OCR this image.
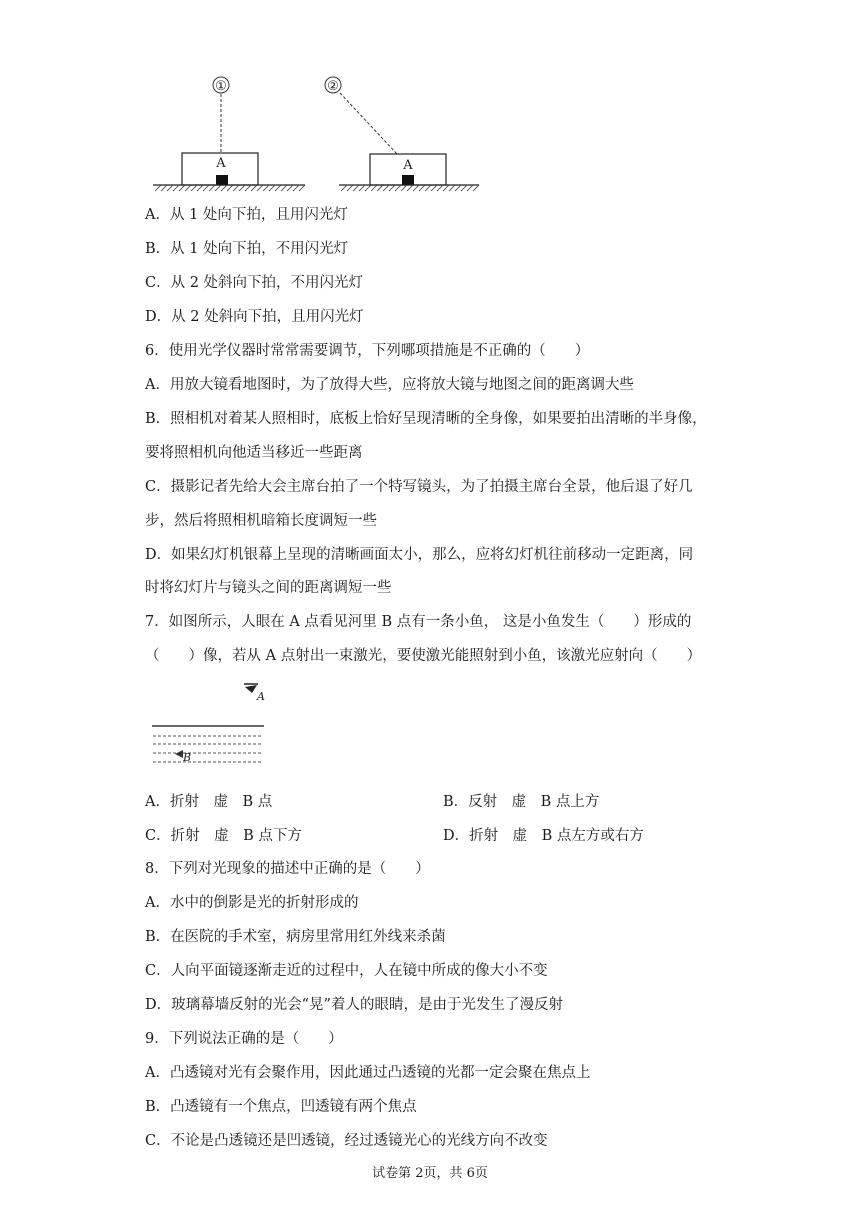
①
A
②
A
A．从 1 处向下拍，且用闪光灯
B．从 1 处向下拍，不用闪光灯
C．从 2 处斜向下拍，不用闪光灯
D．从 2 处斜向下拍，且用闪光灯
6．使用光学仪器时常常需要调节，下列哪项措施是不正确的（　　）
A．用放大镜看地图时，为了放得大些，应将放大镜与地图之间的距离调大些
B．照相机对着某人照相时，底板上恰好呈现清晰的全身像，如果要拍出清晰的半身像，
要将照相机向他适当移近一些距离
C．摄影记者先给大会主席台拍了一个特写镜头，为了拍摄主席台全景，他后退了好几
步，然后将照相机暗箱长度调短一些
D．如果幻灯机银幕上呈现的清晰画面太小，那么，应将幻灯机往前移动一定距离，同
时将幻灯片与镜头之间的距离调短一些
7．如图所示，人眼在 A 点看见河里 B 点有一条小鱼， 这是小鱼发生（　　）形成的
（　　）像，若从 A 点射出一束激光，要使激光能照射到小鱼，该激光应射向（　　）
A
B
A．折射　虚　B 点	B．反射　虚　B 点上方
C．折射　虚　B 点下方	D．折射　虚　B 点左方或右方
8．下列对光现象的描述中正确的是（　　）
A．水中的倒影是光的折射形成的
B．在医院的手术室，病房里常用红外线来杀菌
C．人向平面镜逐渐走近的过程中，人在镜中所成的像大小不变
D．玻璃幕墙反射的光会“晃”着人的眼睛，是由于光发生了漫反射
9．下列说法正确的是（　　）
A．凸透镜对光有会聚作用，因此通过凸透镜的光都一定会聚在焦点上
B．凸透镜有一个焦点，凹透镜有两个焦点
C．不论是凸透镜还是凹透镜，经过透镜光心的光线方向不改变
试卷第 2页，共 6页
